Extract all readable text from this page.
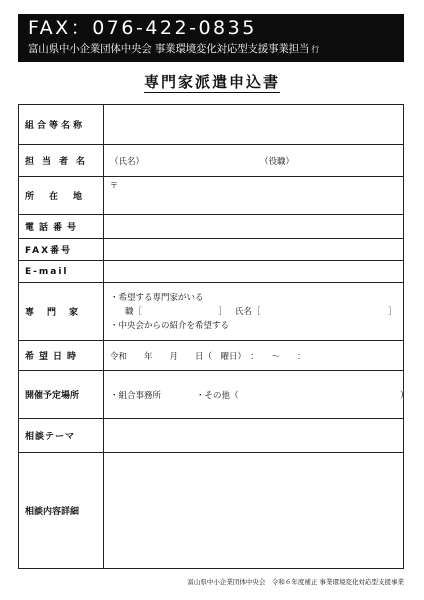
FAX：076-422-0835
富山県中小企業団体中央会 事業環境変化対応型支援事業担当 行
専門家派遣申込書
組合等名称	
担当者名	（氏名） （役職）
所在地	〒
電話番号	
FAX番号	
E-mail	
専門家	・希望する専門家がいる
職［　　　　　　　　　］ 氏名［　　　　　　　　　　　　　　　］
・中央会からの紹介を希望する

希望日時	令和　　年　　月　　日（　曜日）　：　　～　　：
開催予定場所	・組合事務所 ・その他（　　　　　　　　　　　　　　　　　　　）
相談テーマ	
相談内容詳細	
富山県中小企業団体中央会　令和６年度補正 事業環境変化対応型支援事業
